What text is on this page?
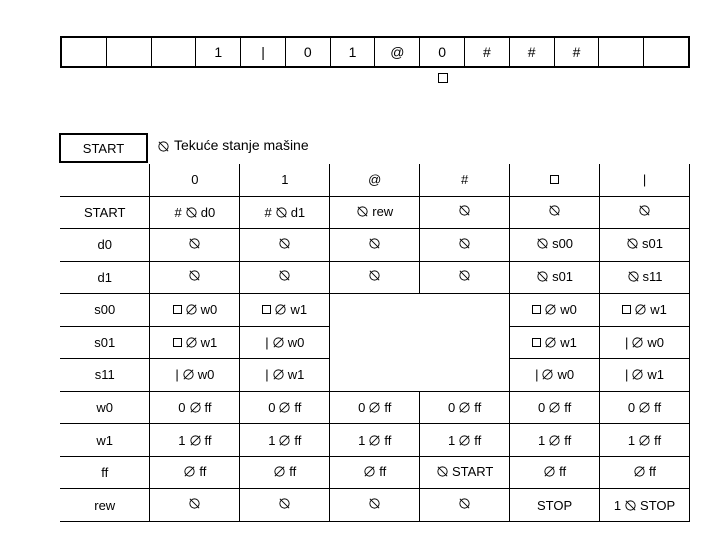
1	|	0	1	@	0	#	#	#
START	Tekuće stanje mašine
	0	1	@	#		|
START	# d0	# d1	rew

d0					s00	s01

d1					s01	s11

s00	w0	w1			w0	w1

s01	w1	| w0			w1	| w0

s11	| w0	| w1			| w0	| w1

w0	0 ff	0 ff	0 ff	0 ff	0 ff	0 ff

w1	1 ff	1 ff	1 ff	1 ff	1 ff	1 ff

ff	ff	ff	ff	START	ff	ff

rew					STOP	1 STOP
